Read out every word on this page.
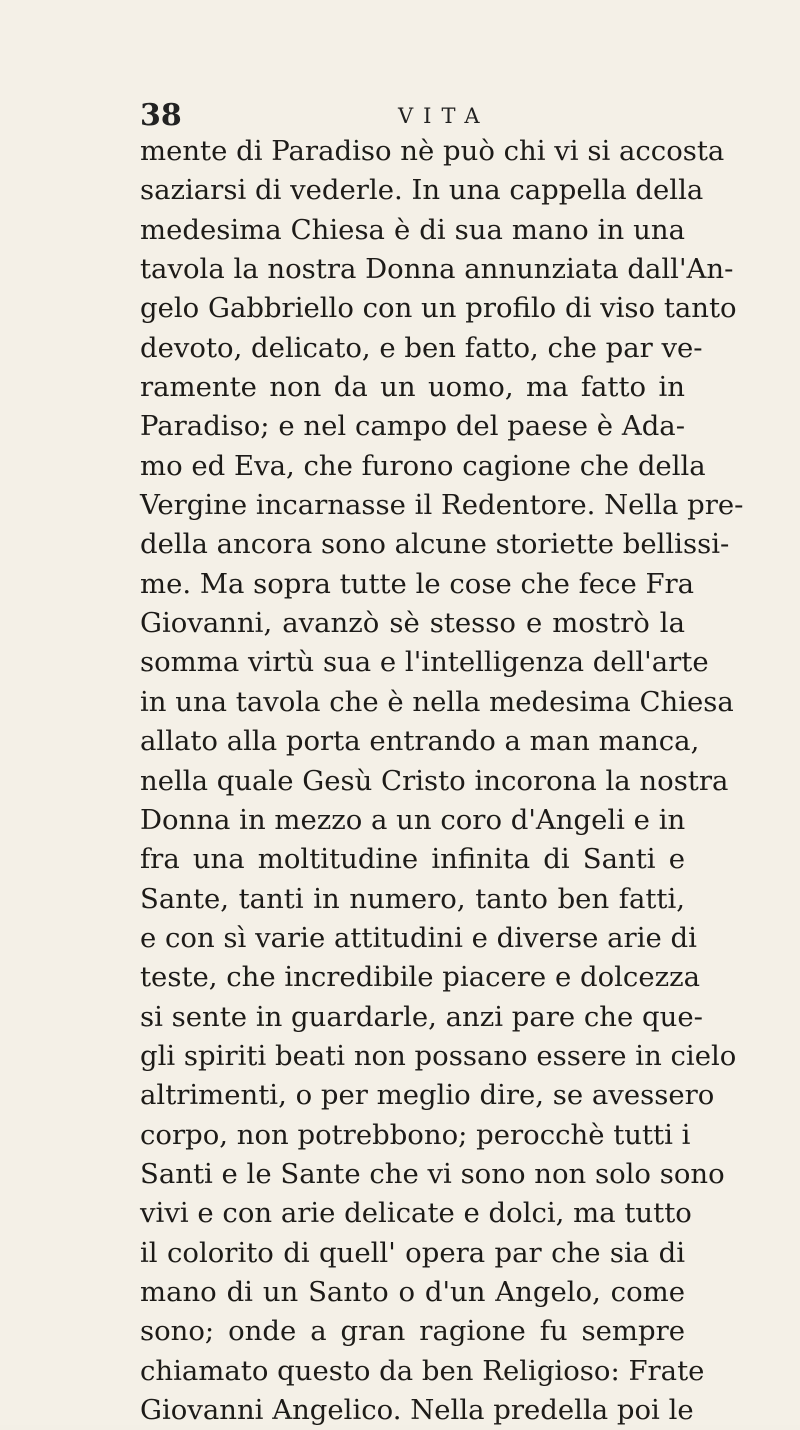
38	VITA
mente di Paradiso nè può chi vi si accosta
saziarsi di vederle. In una cappella della
medesima Chiesa è di sua mano in una
tavola la nostra Donna annunziata dall'An-
gelo Gabbriello con un profilo di viso tanto
devoto, delicato, e ben fatto, che par ve-
ramente non da un uomo, ma fatto in
Paradiso; e nel campo del paese è Ada-
mo ed Eva, che furono cagione che della
Vergine incarnasse il Redentore. Nella pre-
della ancora sono alcune storiette bellissi-
me. Ma sopra tutte le cose che fece Fra
Giovanni, avanzò sè stesso e mostrò la
somma virtù sua e l'intelligenza dell'arte
in una tavola che è nella medesima Chiesa
allato alla porta entrando a man manca,
nella quale Gesù Cristo incorona la nostra
Donna in mezzo a un coro d'Angeli e in
fra una moltitudine infinita di Santi e
Sante, tanti in numero, tanto ben fatti,
e con sì varie attitudini e diverse arie di
teste, che incredibile piacere e dolcezza
si sente in guardarle, anzi pare che que-
gli spiriti beati non possano essere in cielo
altrimenti, o per meglio dire, se avessero
corpo, non potrebbono; perocchè tutti i
Santi e le Sante che vi sono non solo sono
vivi e con arie delicate e dolci, ma tutto
il colorito di quell' opera par che sia di
mano di un Santo o d'un Angelo, come
sono; onde a gran ragione fu sempre
chiamato questo da ben Religioso: Frate
Giovanni Angelico. Nella predella poi le
